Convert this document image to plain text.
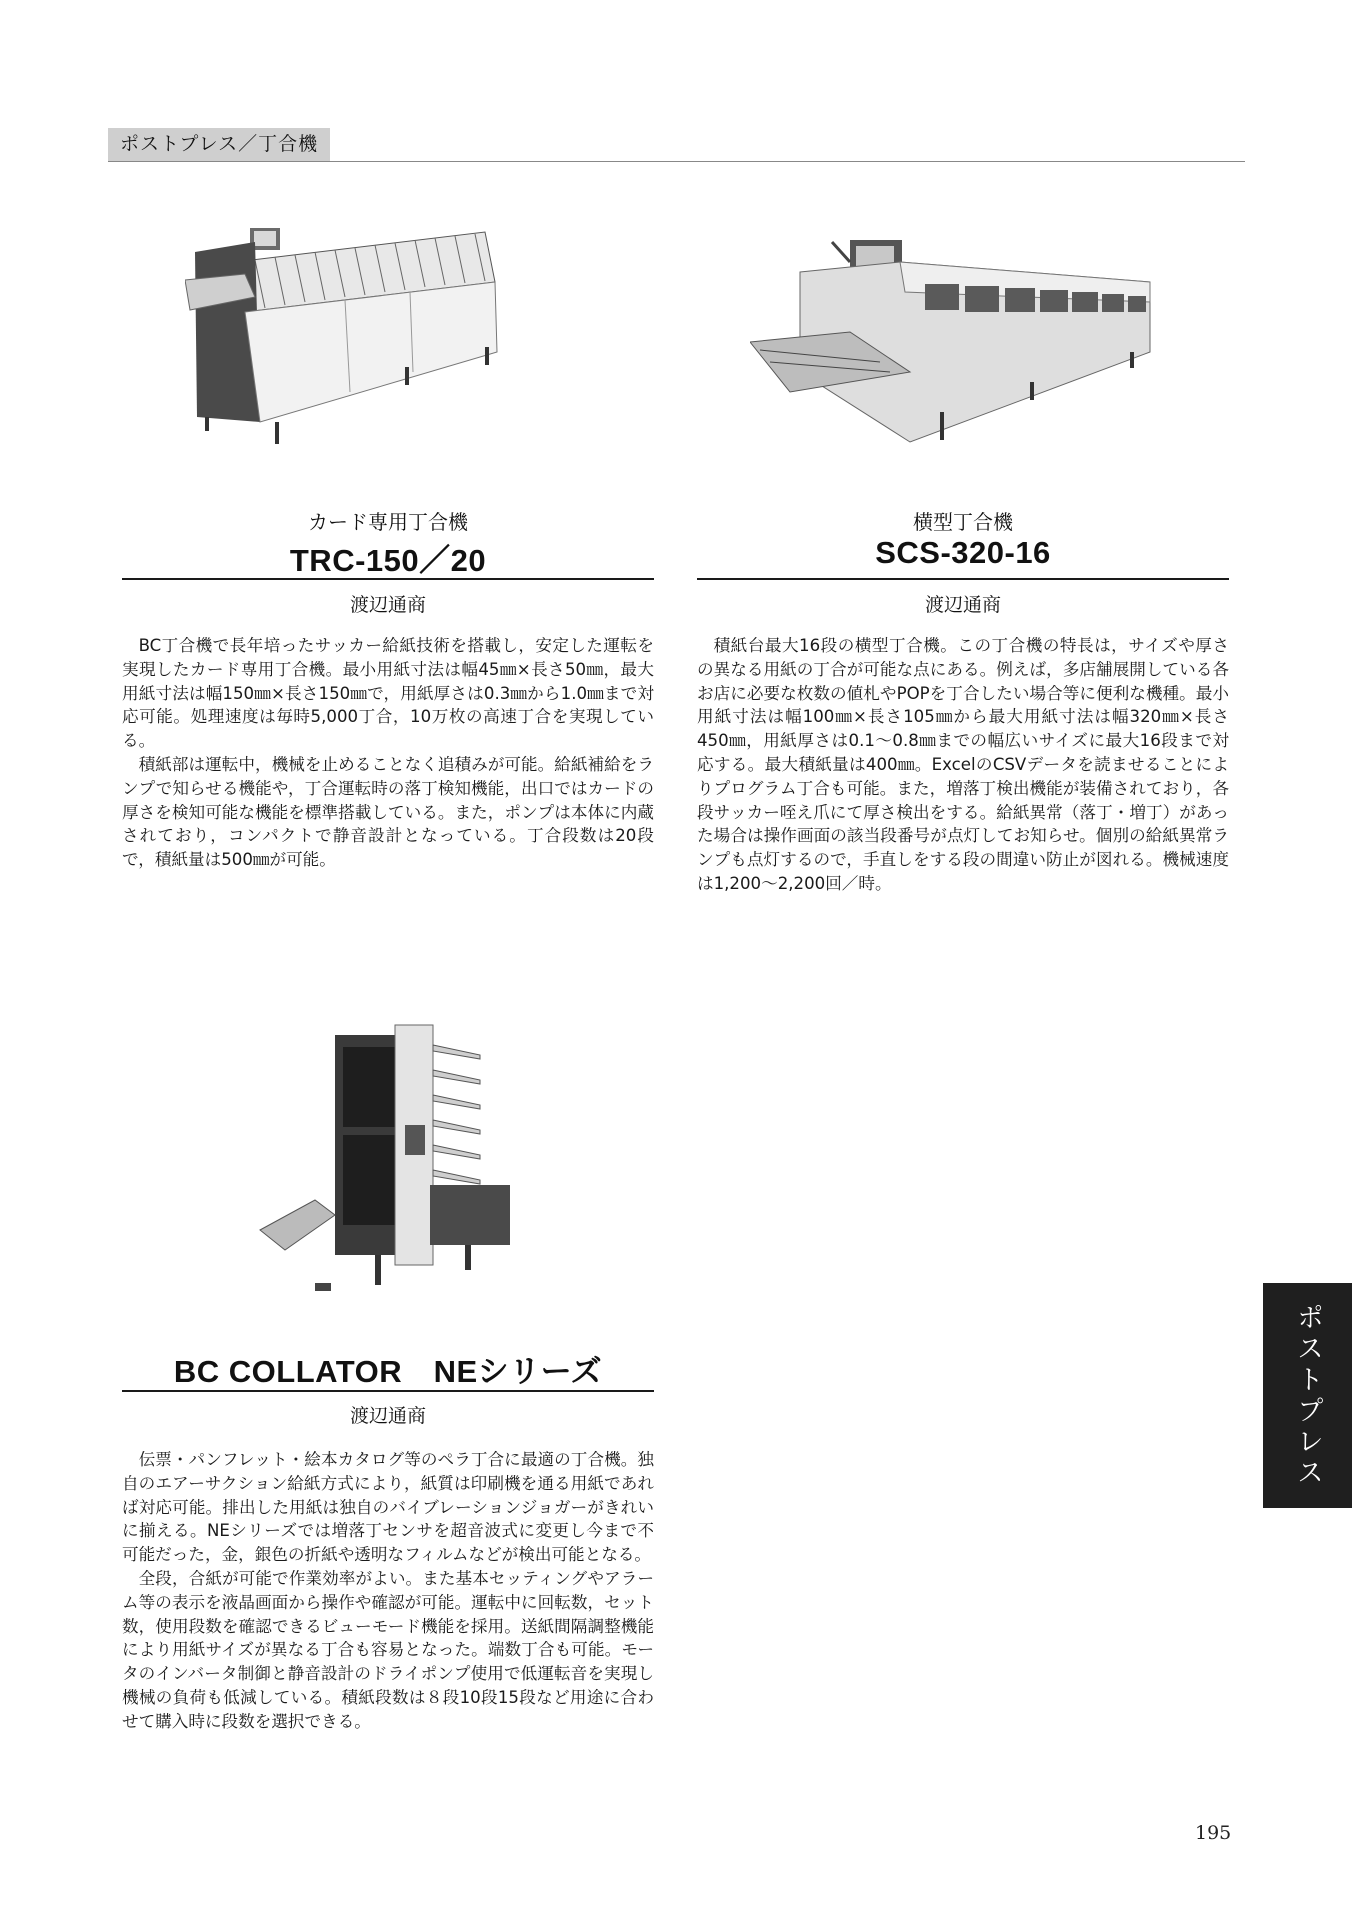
ポストプレス／丁合機
カード専用丁合機
TRC-150／20
渡辺通商

BC丁合機で長年培ったサッカー給紙技術を搭載し，安定した運転を実現したカード専用丁合機。最小用紙寸法は幅45㎜×長さ50㎜，最大用紙寸法は幅150㎜×長さ150㎜で，用紙厚さは0.3㎜から1.0㎜まで対応可能。処理速度は毎時5,000丁合，10万枚の高速丁合を実現している。

積紙部は運転中，機械を止めることなく追積みが可能。給紙補給をランプで知らせる機能や，丁合運転時の落丁検知機能，出口ではカードの厚さを検知可能な機能を標準搭載している。また，ポンプは本体に内蔵されており，コンパクトで静音設計となっている。丁合段数は20段で，積紙量は500㎜が可能。

横型丁合機
SCS-320-16
渡辺通商

積紙台最大16段の横型丁合機。この丁合機の特長は，サイズや厚さの異なる用紙の丁合が可能な点にある。例えば，多店舗展開している各お店に必要な枚数の値札やPOPを丁合したい場合等に便利な機種。最小用紙寸法は幅100㎜×長さ105㎜から最大用紙寸法は幅320㎜×長さ450㎜，用紙厚さは0.1～0.8㎜までの幅広いサイズに最大16段まで対応する。最大積紙量は400㎜。ExcelのCSVデータを読ませることによりプログラム丁合も可能。また，増落丁検出機能が装備されており，各段サッカー咥え爪にて厚さ検出をする。給紙異常（落丁・増丁）があった場合は操作画面の該当段番号が点灯してお知らせ。個別の給紙異常ランプも点灯するので，手直しをする段の間違い防止が図れる。機械速度は1,200～2,200回／時。

BC COLLATOR　NEシリーズ
渡辺通商

伝票・パンフレット・絵本カタログ等のペラ丁合に最適の丁合機。独自のエアーサクション給紙方式により，紙質は印刷機を通る用紙であれば対応可能。排出した用紙は独自のバイブレーションジョガーがきれいに揃える。NEシリーズでは増落丁センサを超音波式に変更し今まで不可能だった，金，銀色の折紙や透明なフィルムなどが検出可能となる。

全段，合紙が可能で作業効率がよい。また基本セッティングやアラーム等の表示を液晶画面から操作や確認が可能。運転中に回転数，セット数，使用段数を確認できるビューモード機能を採用。送紙間隔調整機能により用紙サイズが異なる丁合も容易となった。端数丁合も可能。モータのインバータ制御と静音設計のドライポンプ使用で低運転音を実現し機械の負荷も低減している。積紙段数は８段10段15段など用途に合わせて購入時に段数を選択できる。

ポストプレス
195
